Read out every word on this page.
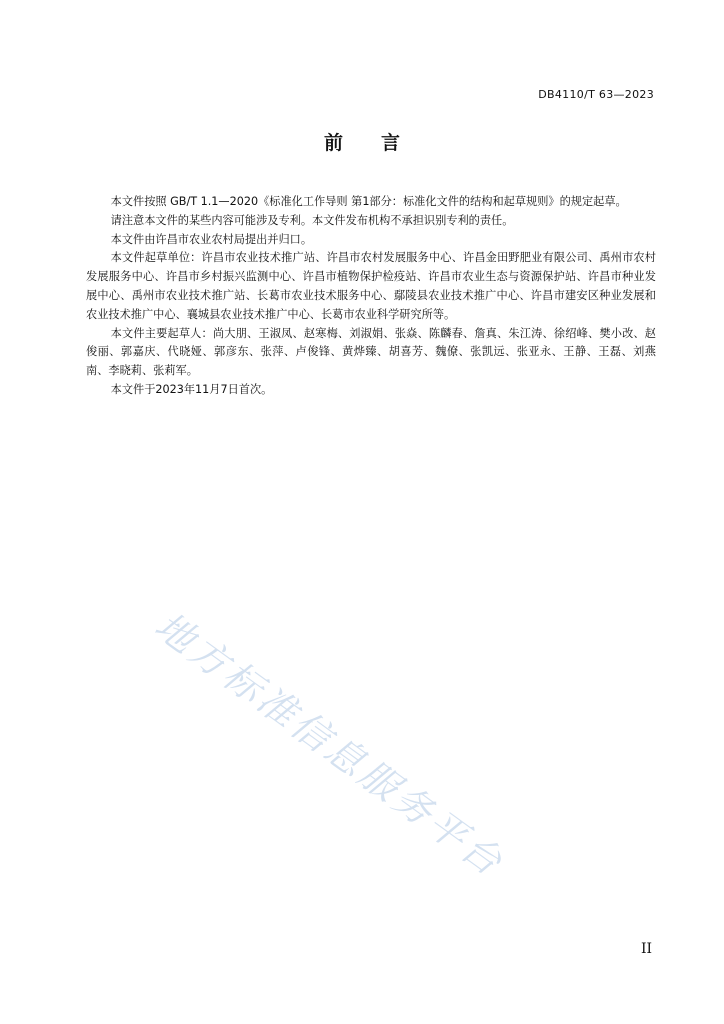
DB4110/T 63—2023
前言

本文件按照 GB/T 1.1—2020《标准化工作导则 第1部分：标准化文件的结构和起草规则》的规定起草。

请注意本文件的某些内容可能涉及专利。本文件发布机构不承担识别专利的责任。

本文件由许昌市农业农村局提出并归口。

本文件起草单位：许昌市农业技术推广站、许昌市农村发展服务中心、许昌金田野肥业有限公司、禹州市农村发展服务中心、许昌市乡村振兴监测中心、许昌市植物保护检疫站、许昌市农业生态与资源保护站、许昌市种业发展中心、禹州市农业技术推广站、长葛市农业技术服务中心、鄢陵县农业技术推广中心、许昌市建安区种业发展和农业技术推广中心、襄城县农业技术推广中心、长葛市农业科学研究所等。

本文件主要起草人：尚大朋、王淑凤、赵寒梅、刘淑娟、张焱、陈麟春、詹真、朱江涛、徐绍峰、樊小改、赵俊丽、郭嘉庆、代晓娅、郭彦东、张萍、卢俊锋、黄烨臻、胡喜芳、魏僚、张凯远、张亚永、王静、王磊、刘燕南、李晓莉、张莉军。

本文件于2023年11月7日首次。

地方标准信息服务平台
II
